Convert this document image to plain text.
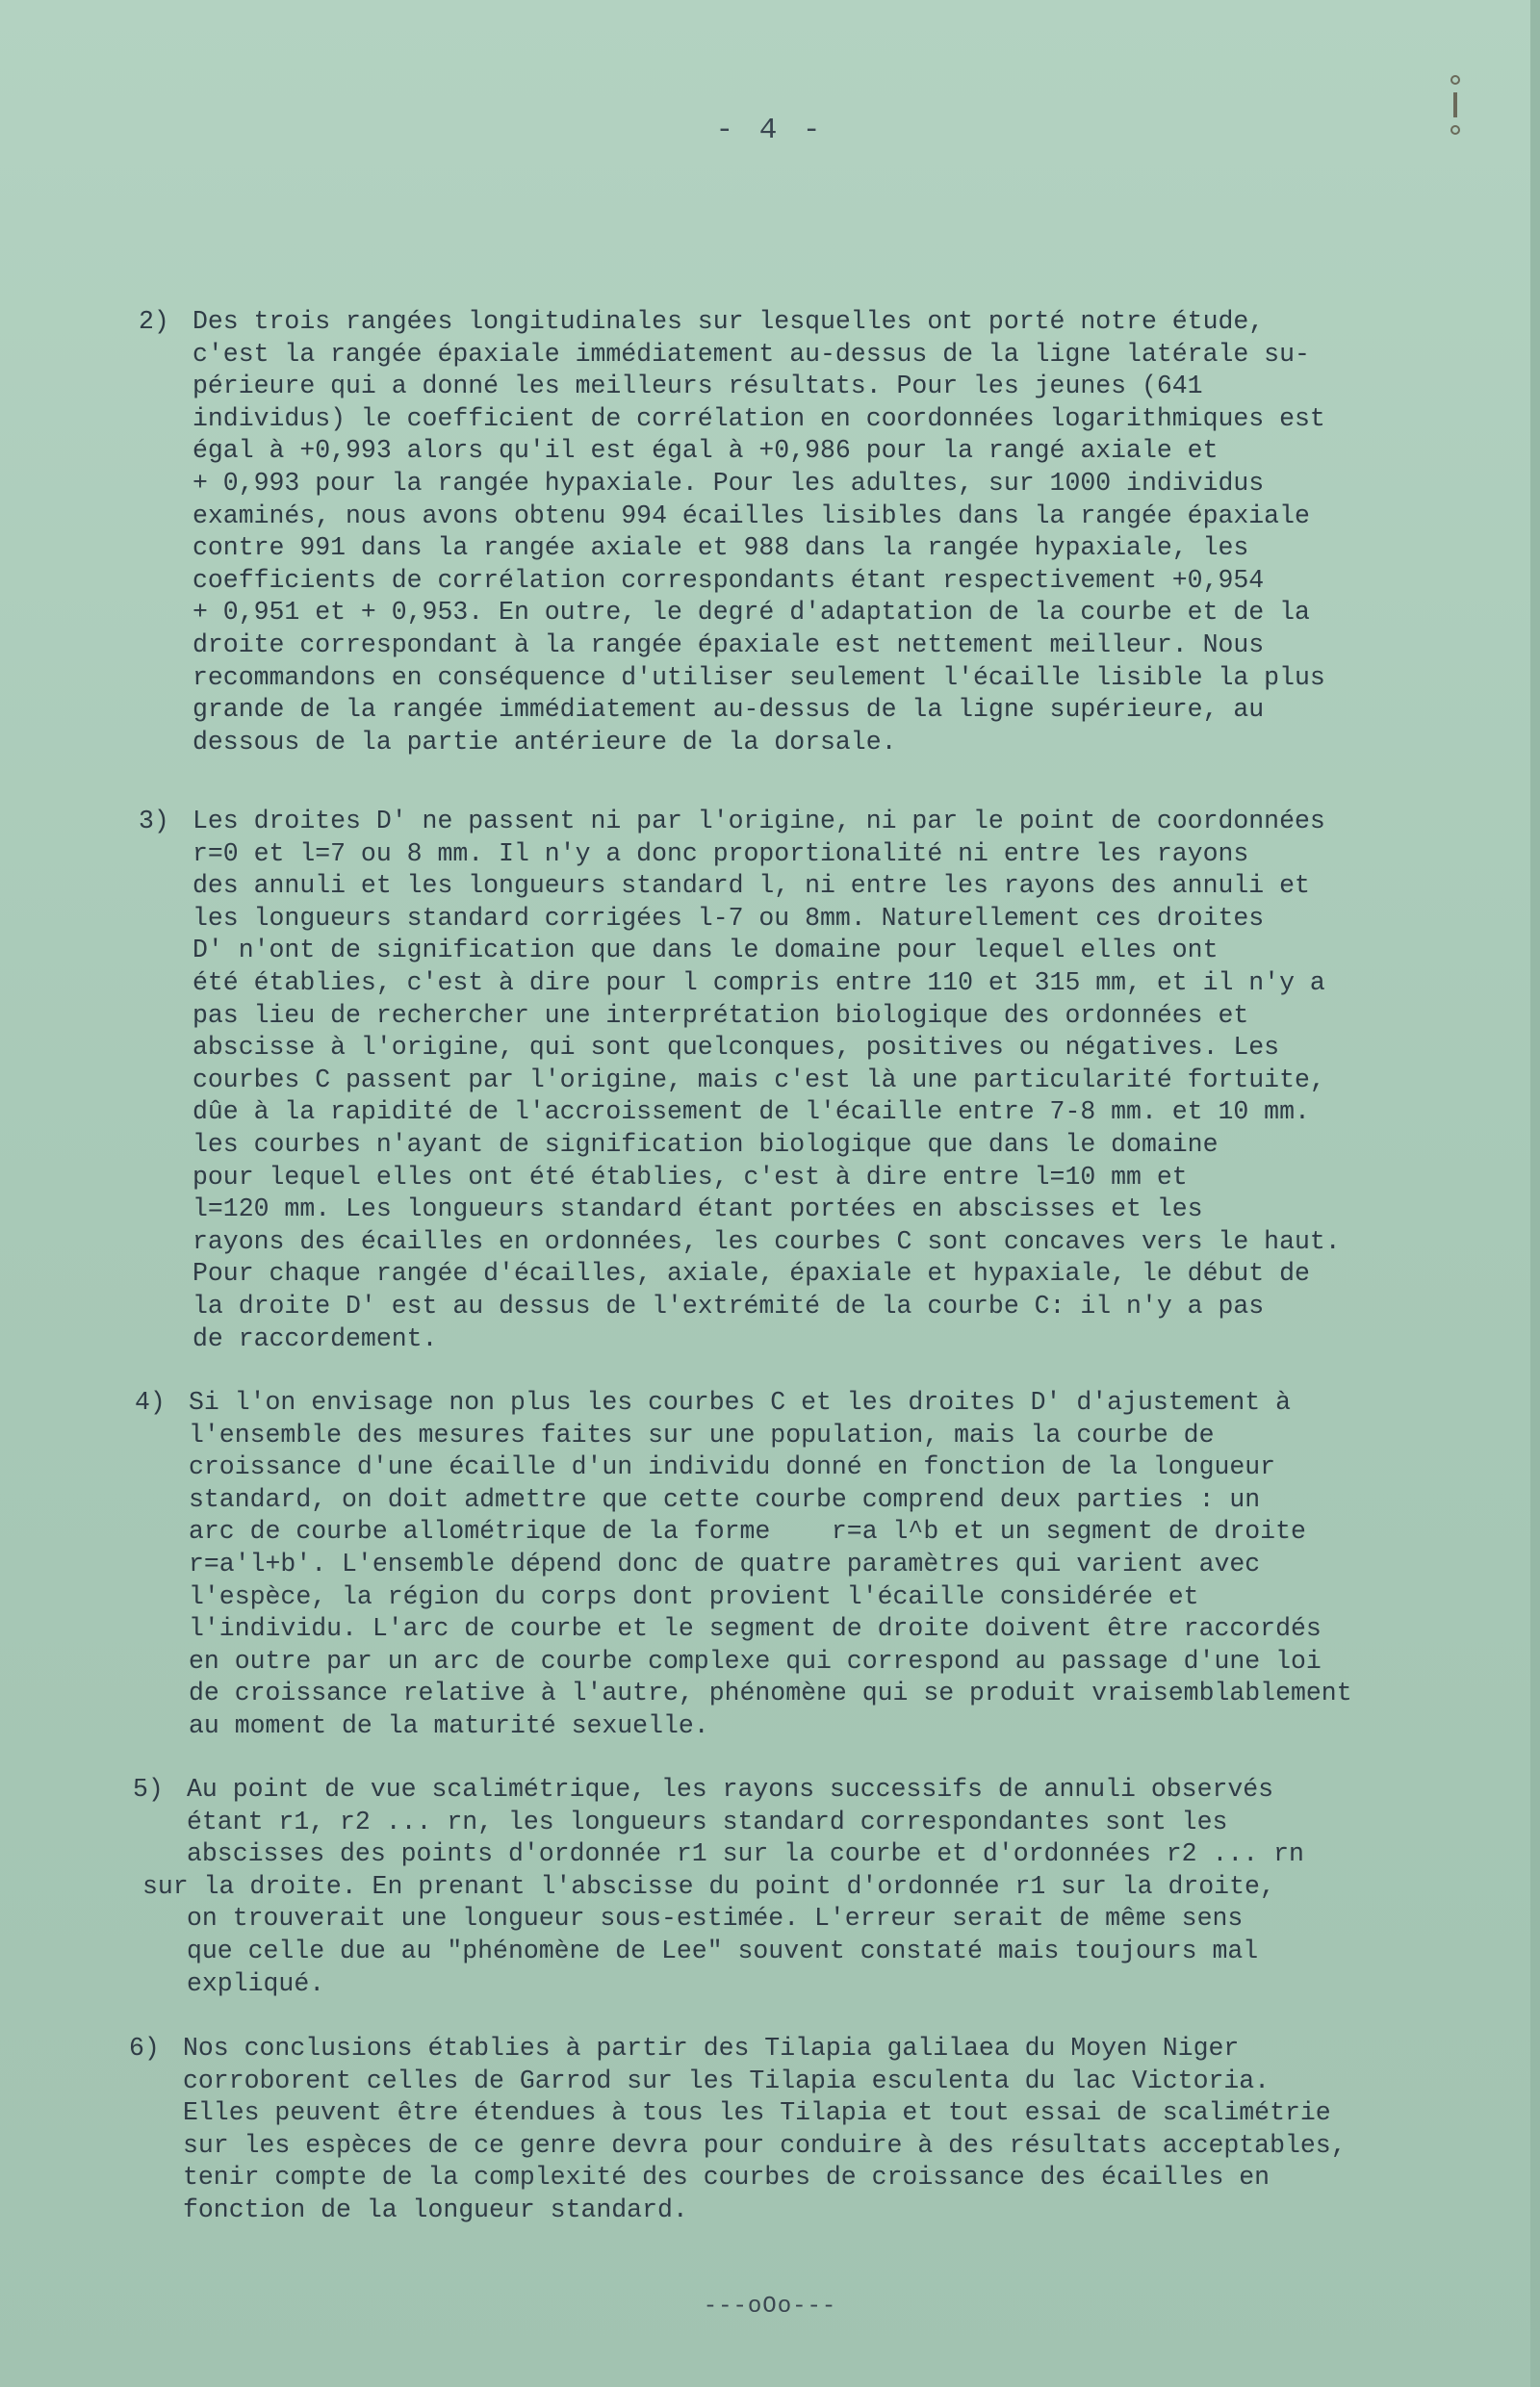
- 4 -
2) Des trois rangées longitudinales sur lesquelles ont porté notre étude,
c'est la rangée épaxiale immédiatement au-dessus de la ligne latérale su-
périeure qui a donné les meilleurs résultats. Pour les jeunes (641
individus) le coefficient de corrélation en coordonnées logarithmiques est
égal à +0,993 alors qu'il est égal à +0,986 pour la rangé axiale et
+ 0,993 pour la rangée hypaxiale. Pour les adultes, sur 1000 individus
examinés, nous avons obtenu 994 écailles lisibles dans la rangée épaxiale
contre 991 dans la rangée axiale et 988 dans la rangée hypaxiale, les
coefficients de corrélation correspondants étant respectivement +0,954
+ 0,951 et + 0,953. En outre, le degré d'adaptation de la courbe et de la
droite correspondant à la rangée épaxiale est nettement meilleur. Nous
recommandons en conséquence d'utiliser seulement l'écaille lisible la plus
grande de la rangée immédiatement au-dessus de la ligne supérieure, au
dessous de la partie antérieure de la dorsale.
3) Les droites D' ne passent ni par l'origine, ni par le point de coordonnées
r=0 et l=7 ou 8 mm. Il n'y a donc proportionalité ni entre les rayons
des annuli et les longueurs standard l, ni entre les rayons des annuli et
les longueurs standard corrigées l-7 ou 8mm. Naturellement ces droites
D' n'ont de signification que dans le domaine pour lequel elles ont
été établies, c'est à dire pour l compris entre 110 et 315 mm, et il n'y a
pas lieu de rechercher une interprétation biologique des ordonnées et
abscisse à l'origine, qui sont quelconques, positives ou négatives. Les
courbes C passent par l'origine, mais c'est là une particularité fortuite,
dûe à la rapidité de l'accroissement de l'écaille entre 7-8 mm. et 10 mm.
les courbes n'ayant de signification biologique que dans le domaine
pour lequel elles ont été établies, c'est à dire entre l=10 mm et
l=120 mm. Les longueurs standard étant portées en abscisses et les
rayons des écailles en ordonnées, les courbes C sont concaves vers le haut.
Pour chaque rangée d'écailles, axiale, épaxiale et hypaxiale, le début de
la droite D' est au dessus de l'extrémité de la courbe C: il n'y a pas
de raccordement.
4) Si l'on envisage non plus les courbes C et les droites D' d'ajustement à
l'ensemble des mesures faites sur une population, mais la courbe de
croissance d'une écaille d'un individu donné en fonction de la longueur
standard, on doit admettre que cette courbe comprend deux parties : un
arc de courbe allométrique de la forme    r=a l^b et un segment de droite
r=a'l+b'. L'ensemble dépend donc de quatre paramètres qui varient avec
l'espèce, la région du corps dont provient l'écaille considérée et
l'individu. L'arc de courbe et le segment de droite doivent être raccordés
en outre par un arc de courbe complexe qui correspond au passage d'une loi
de croissance relative à l'autre, phénomène qui se produit vraisemblablement
au moment de la maturité sexuelle.
5) Au point de vue scalimétrique, les rayons successifs de annuli observés
étant r1, r2 ... rn, les longueurs standard correspondantes sont les
abscisses des points d'ordonnée r1 sur la courbe et d'ordonnées r2 ... rn
sur la droite. En prenant l'abscisse du point d'ordonnée r1 sur la droite,
on trouverait une longueur sous-estimée. L'erreur serait de même sens
que celle due au "phénomène de Lee" souvent constaté mais toujours mal
expliqué.
6) Nos conclusions établies à partir des Tilapia galilaea du Moyen Niger
corroborent celles de Garrod sur les Tilapia esculenta du lac Victoria.
Elles peuvent être étendues à tous les Tilapia et tout essai de scalimétrie
sur les espèces de ce genre devra pour conduire à des résultats acceptables,
tenir compte de la complexité des courbes de croissance des écailles en
fonction de la longueur standard.
---oOo---
